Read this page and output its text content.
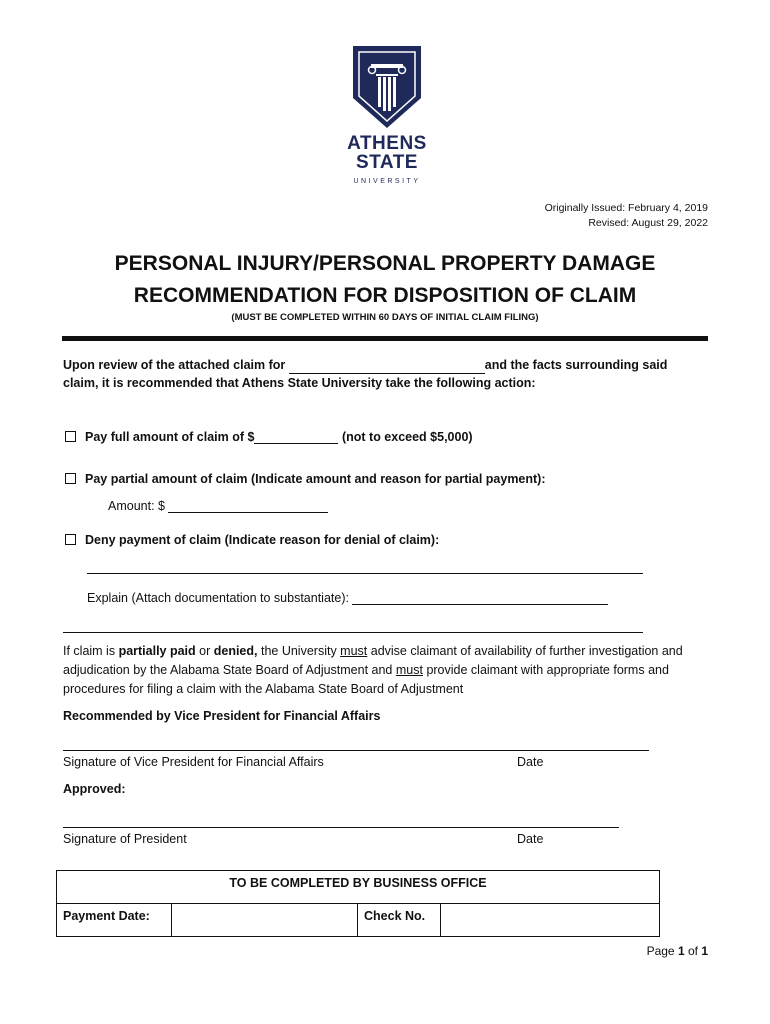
ATHENS
STATE
UNIVERSITY
Originally Issued: February 4, 2019
Revised: August 29, 2022
PERSONAL INJURY/PERSONAL PROPERTY DAMAGE
RECOMMENDATION FOR DISPOSITION OF CLAIM
(MUST BE COMPLETED WITHIN 60 DAYS OF INITIAL CLAIM FILING)
Upon review of the attached claim for	and the facts surrounding said claim, it is recommended that Athens State University take the following action:
Pay full amount of claim of $	(not to exceed $5,000)
Pay partial amount of claim (Indicate amount and reason for partial payment):
Amount: $
Deny payment of claim (Indicate reason for denial of claim):
Explain (Attach documentation to substantiate):
If claim is partially paid or denied, the University must advise claimant of availability of further investigation and adjudication by the Alabama State Board of Adjustment and must provide claimant with appropriate forms and procedures for filing a claim with the Alabama State Board of Adjustment
Recommended by Vice President for Financial Affairs
Signature of Vice President for Financial Affairs	Date
Approved:
Signature of President	Date
TO BE COMPLETED BY BUSINESS OFFICE
Payment Date:		Check No.	
Page 1 of 1
